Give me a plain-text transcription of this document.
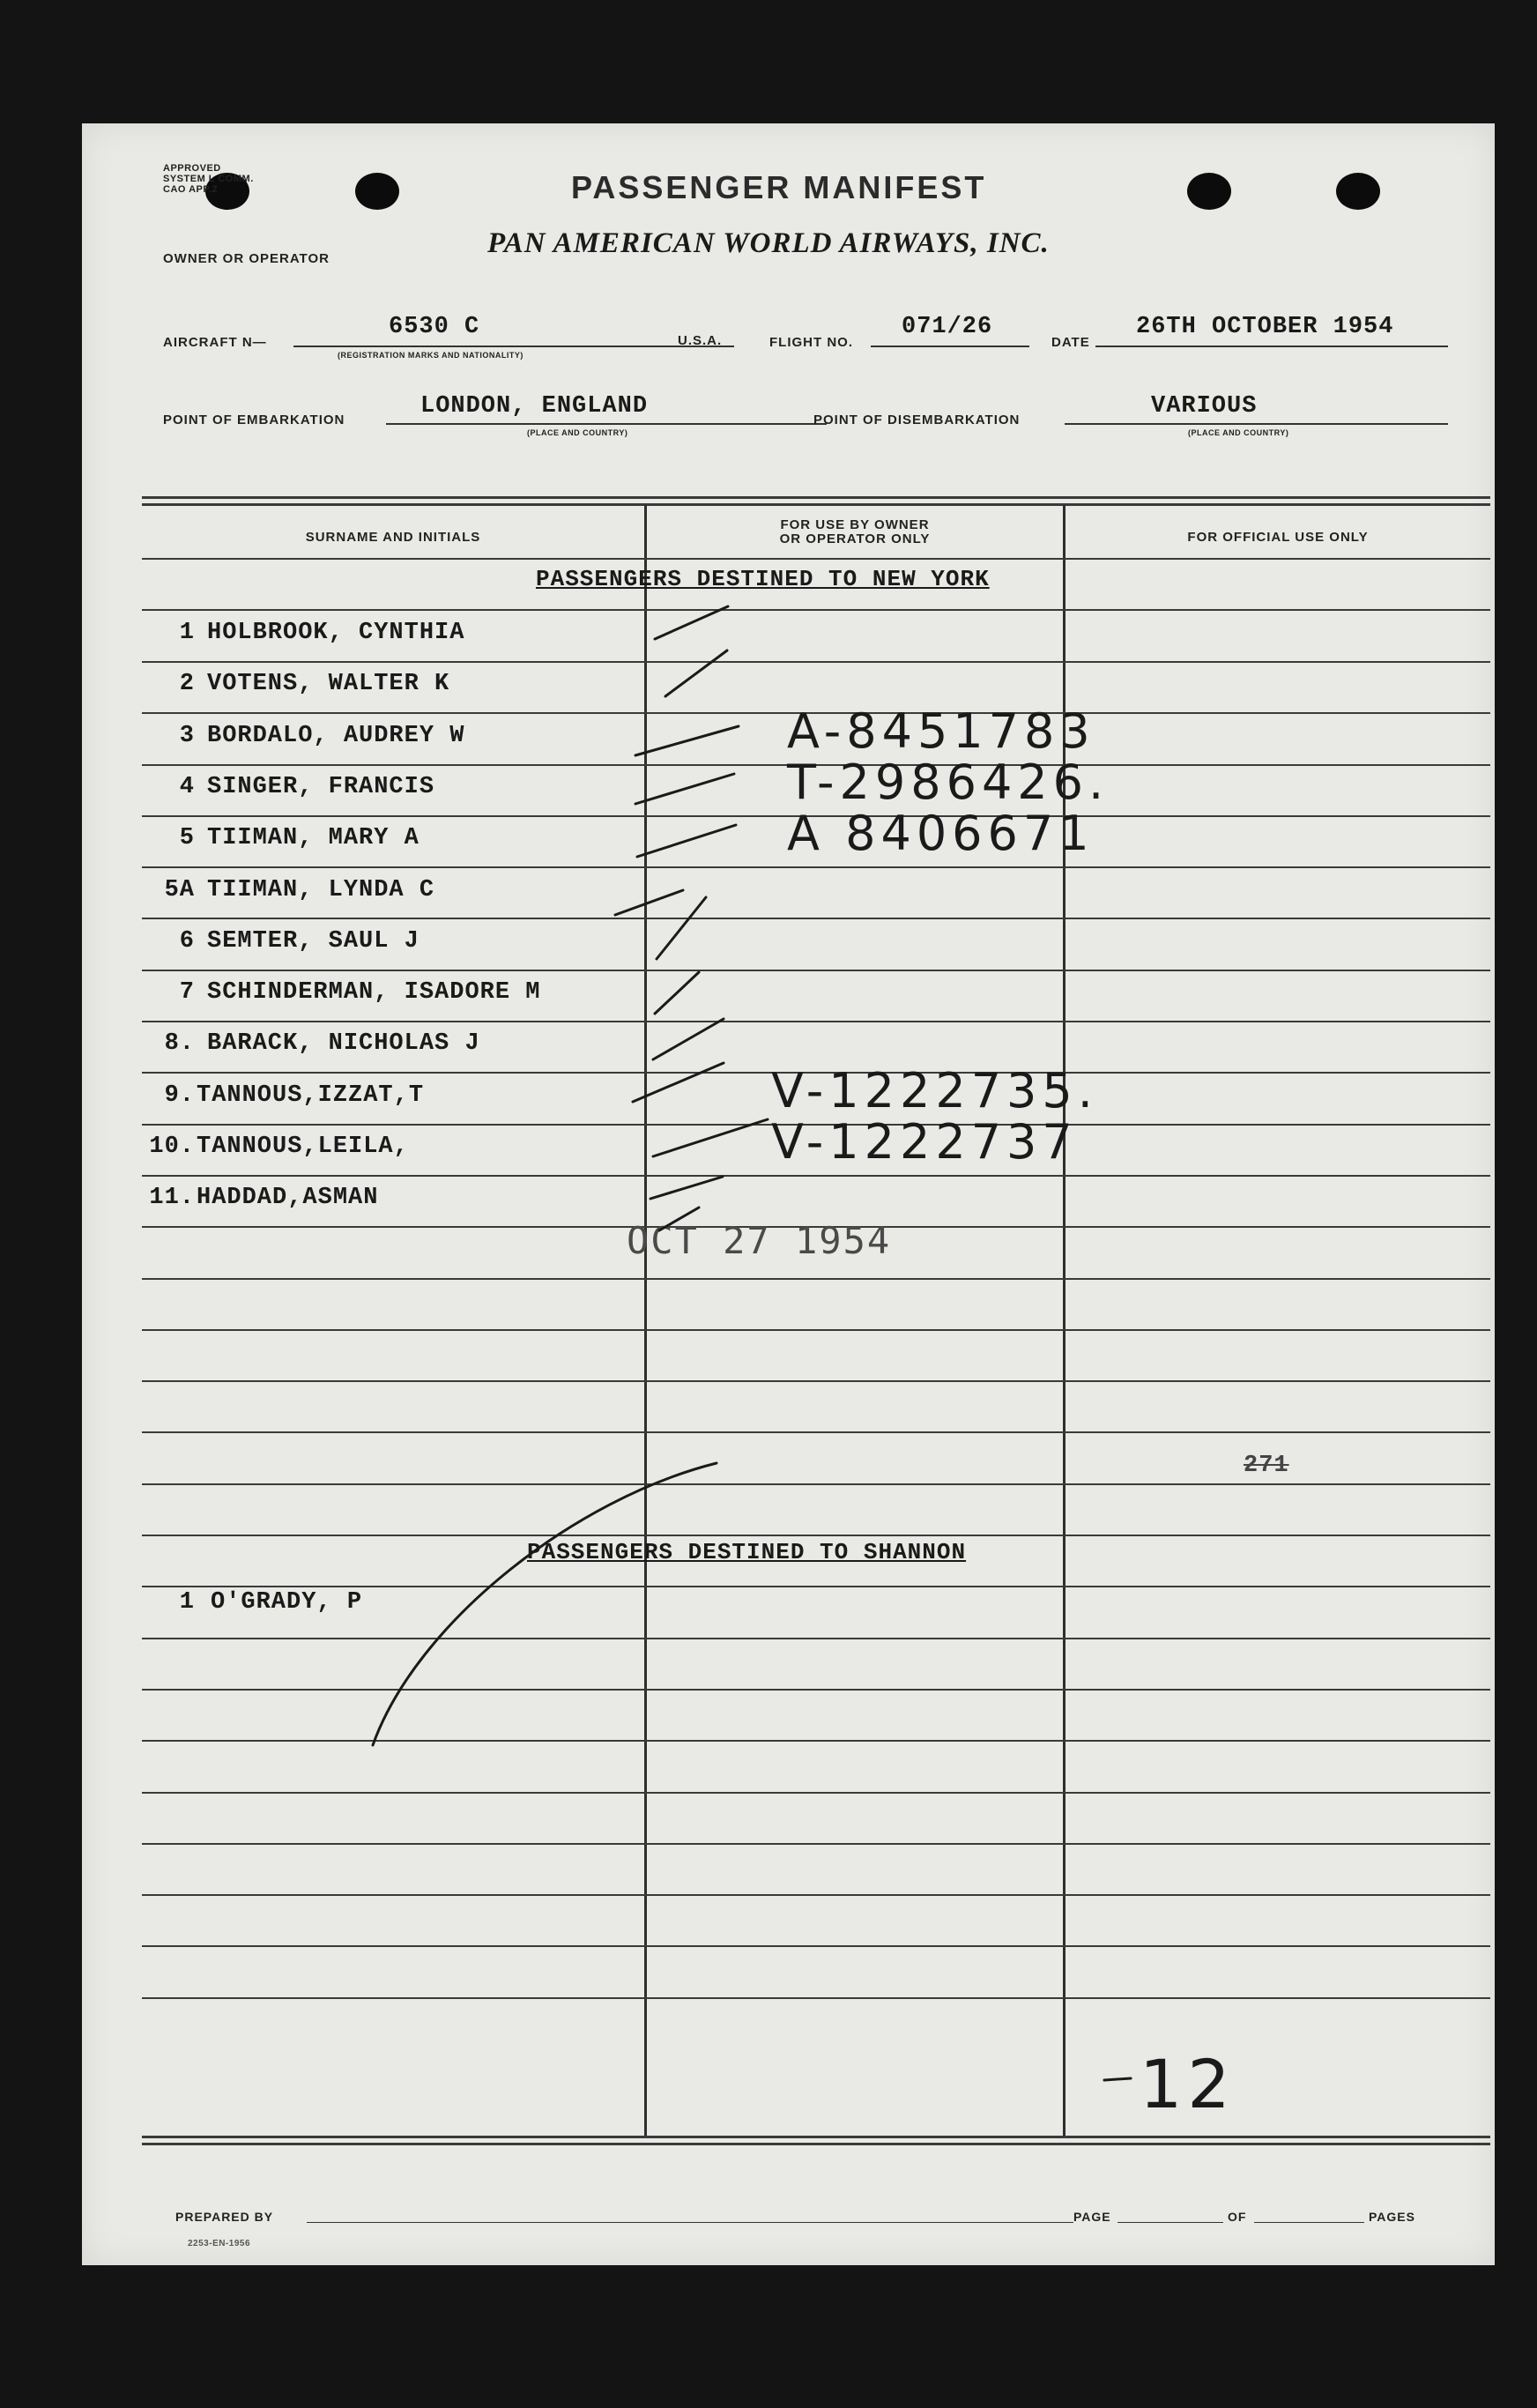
APPROVED
SYSTEM L COMM.
CAO APP.2	PASSENGER MANIFEST
OWNER OR OPERATOR	PAN AMERICAN WORLD AIRWAYS, INC.
AIRCRAFT N—
6530 C
(REGISTRATION MARKS AND NATIONALITY)
U.S.A.	FLIGHT NO.
071/26
DATE
26TH OCTOBER 1954
POINT OF EMBARKATION
LONDON, ENGLAND
(PLACE AND COUNTRY)
POINT OF DISEMBARKATION
VARIOUS
(PLACE AND COUNTRY)
SURNAME AND INITIALS
FOR USE BY OWNER
OR OPERATOR ONLY	FOR OFFICIAL USE ONLY
PASSENGERS DESTINED TO NEW YORK
PASSENGERS DESTINED TO SHANNON
1 HOLBROOK, CYNTHIA
2 VOTENS, WALTER K
3 BORDALO, AUDREY W	A-8451783
4 SINGER, FRANCIS	T-2986426.
5 TIIMAN, MARY A	A 8406671
5A TIIMAN, LYNDA C
6 SEMTER, SAUL J
7 SCHINDERMAN, ISADORE M
8. BARACK, NICHOLAS J
9. TANNOUS,IZZAT,T	V-1222735.
10. TANNOUS,LEILA,	V-1222737
11. HADDAD,ASMAN
1 O'GRADY, P
OCT 27 1954
271
12
PREPARED BY	PAGE	OF	PAGES
2253-EN-1956
